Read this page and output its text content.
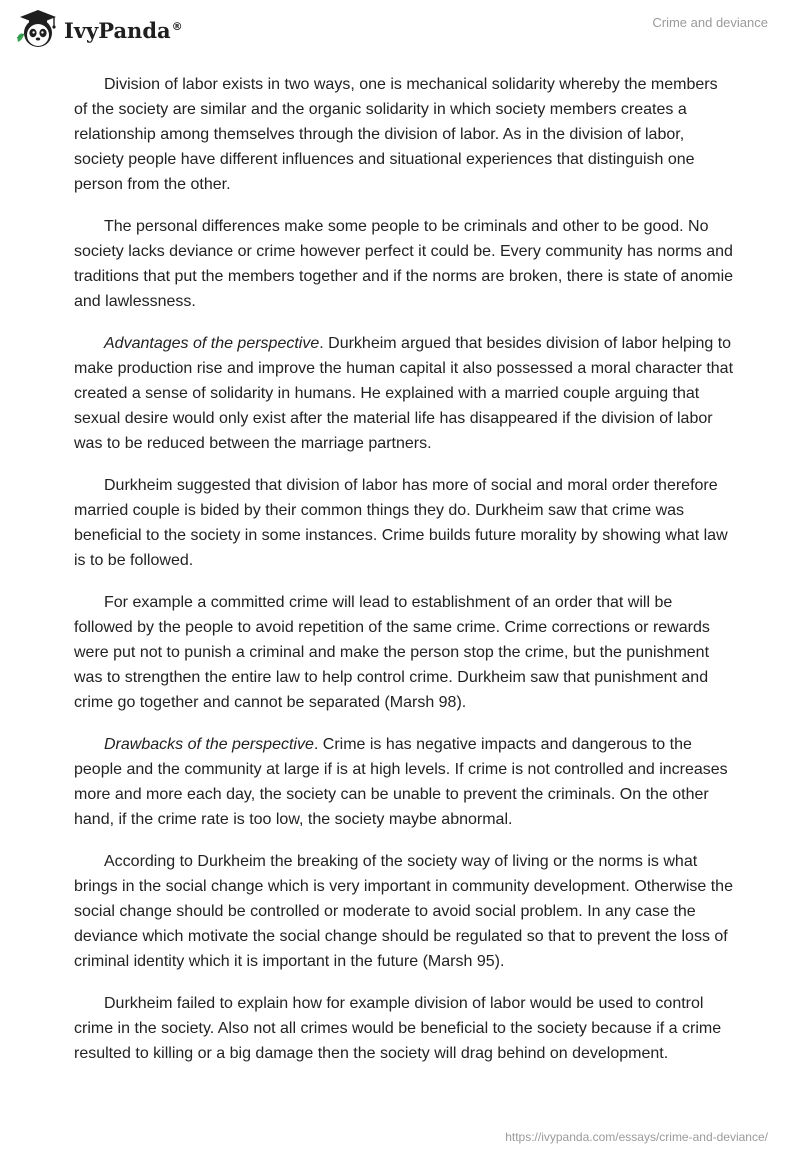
IvyPanda®	Crime and deviance

Division of labor exists in two ways, one is mechanical solidarity whereby the members of the society are similar and the organic solidarity in which society members creates a relationship among themselves through the division of labor. As in the division of labor, society people have different influences and situational experiences that distinguish one person from the other.

The personal differences make some people to be criminals and other to be good. No society lacks deviance or crime however perfect it could be. Every community has norms and traditions that put the members together and if the norms are broken, there is state of anomie and lawlessness.

Advantages of the perspective. Durkheim argued that besides division of labor helping to make production rise and improve the human capital it also possessed a moral character that created a sense of solidarity in humans. He explained with a married couple arguing that sexual desire would only exist after the material life has disappeared if the division of labor was to be reduced between the marriage partners.

Durkheim suggested that division of labor has more of social and moral order therefore married couple is bided by their common things they do. Durkheim saw that crime was beneficial to the society in some instances. Crime builds future morality by showing what law is to be followed.

For example a committed crime will lead to establishment of an order that will be followed by the people to avoid repetition of the same crime. Crime corrections or rewards were put not to punish a criminal and make the person stop the crime, but the punishment was to strengthen the entire law to help control crime. Durkheim saw that punishment and crime go together and cannot be separated (Marsh 98).

Drawbacks of the perspective. Crime is has negative impacts and dangerous to the people and the community at large if is at high levels. If crime is not controlled and increases more and more each day, the society can be unable to prevent the criminals. On the other hand, if the crime rate is too low, the society maybe abnormal.

According to Durkheim the breaking of the society way of living or the norms is what brings in the social change which is very important in community development. Otherwise the social change should be controlled or moderate to avoid social problem. In any case the deviance which motivate the social change should be regulated so that to prevent the loss of criminal identity which it is important in the future (Marsh 95).

Durkheim failed to explain how for example division of labor would be used to control crime in the society. Also not all crimes would be beneficial to the society because if a crime resulted to killing or a big damage then the society will drag behind on development.

https://ivypanda.com/essays/crime-and-deviance/
